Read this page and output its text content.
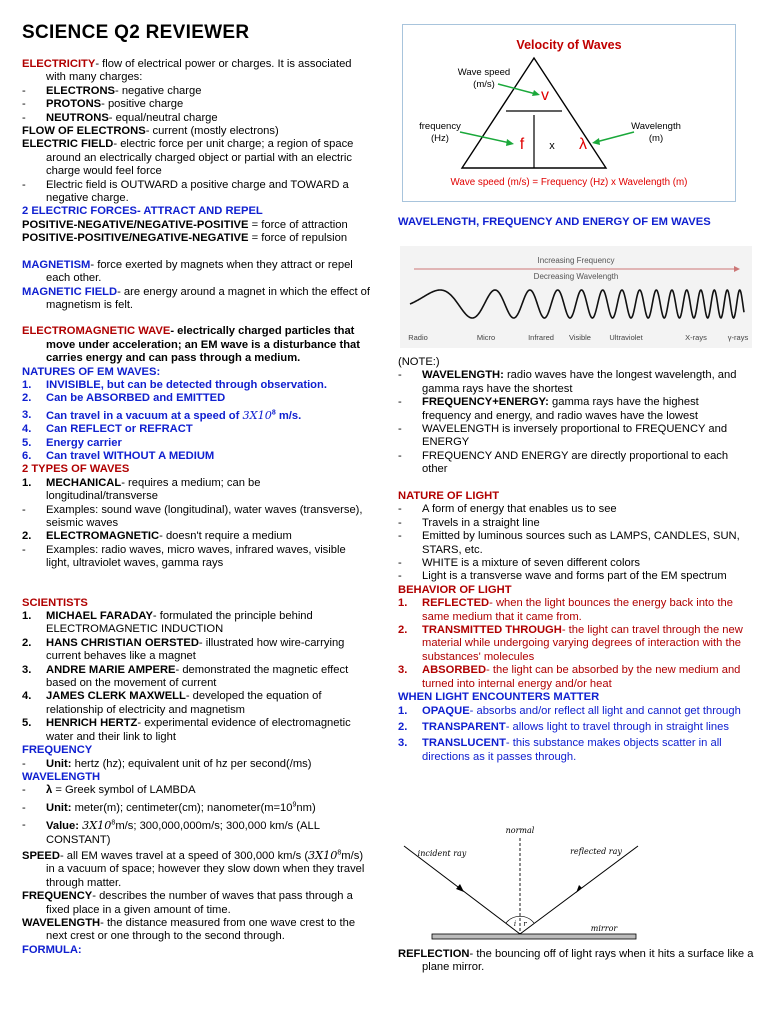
SCIENCE Q2 REVIEWER
ELECTRICITY- flow of electrical power or charges. It is associated with many charges:
- ELECTRONS- negative charge
- PROTONS- positive charge
- NEUTRONS- equal/neutral charge
FLOW OF ELECTRONS- current (mostly electrons)
ELECTRIC FIELD- electric force per unit charge; a region of space around an electrically charged object or partial with an electric charge would feel force
- Electric field is OUTWARD a positive charge and TOWARD a negative charge.
2 ELECTRIC FORCES- ATTRACT AND REPEL
POSITIVE-NEGATIVE/NEGATIVE-POSITIVE = force of attraction
POSITIVE-POSITIVE/NEGATIVE-NEGATIVE = force of repulsion
MAGNETISM- force exerted by magnets when they attract or repel each other.
MAGNETIC FIELD- are energy around a magnet in which the effect of magnetism is felt.
ELECTROMAGNETIC WAVE- electrically charged particles that move under acceleration; an EM wave is a disturbance that carries energy and can pass through a medium.
NATURES OF EM WAVES:
1. INVISIBLE, but can be detected through observation.
2. Can be ABSORBED and EMITTED
3. Can travel in a vacuum at a speed of $3X10^8$ m/s.
4. Can REFLECT or REFRACT
5. Energy carrier
6. Can travel WITHOUT A MEDIUM
2 TYPES OF WAVES
1. MECHANICAL- requires a medium; can be longitudinal/transverse
- Examples: sound wave (longitudinal), water waves (transverse), seismic waves
2. ELECTROMAGNETIC- doesn't require a medium
- Examples: radio waves, micro waves, infrared waves, visible light, ultraviolet waves, gamma rays
SCIENTISTS
1. MICHAEL FARADAY- formulated the principle behind ELECTROMAGNETIC INDUCTION
2. HANS CHRISTIAN OERSTED- illustrated how wire-carrying current behaves like a magnet
3. ANDRE MARIE AMPERE- demonstrated the magnetic effect based on the movement of current
4. JAMES CLERK MAXWELL- developed the equation of relationship of electricity and magnetism
5. HENRICH HERTZ- experimental evidence of electromagnetic water and their link to light
FREQUENCY
- Unit: hertz (hz); equivalent unit of hz per second(/ms)
WAVELENGTH
- λ = Greek symbol of LAMBDA
- Unit: meter(m); centimeter(cm); $nanometer(m=10^9nm)$
- Value: $3X10^8m/s$; 300,000,000m/s; 300,000 km/s (ALL CONSTANT)
SPEED- all EM waves travel at a speed of 300,000 km/s $(3X10^8m/s)$ in a vacuum of space; however they slow down when they travel through matter.
FREQUENCY- describes the number of waves that pass through a fixed place in a given amount of time.
WAVELENGTH- the distance measured from one wave crest to the next crest or one through to the second through.
FORMULA:
Velocity of Waves
v
f x λ
Wave speed
(m/s)
frequency
(Hz)
Wavelength
(m)
Wave speed (m/s) = Frequency (Hz) x Wavelength (m)
WAVELENGTH, FREQUENCY AND ENERGY OF EM WAVES
Increasing Frequency
Decreasing Wavelength
Radio	Micro	Infrared Visible Ultraviolet	X-rays	γ-rays
(NOTE:)
- WAVELENGTH: radio waves have the longest wavelength, and gamma rays have the shortest
- FREQUENCY+ENERGY: gamma rays have the highest frequency and energy, and radio waves have the lowest
- WAVELENGTH is inversely proportional to FREQUENCY and ENERGY
- FREQUENCY AND ENERGY are directly proportional to each other
NATURE OF LIGHT
- A form of energy that enables us to see
- Travels in a straight line
- Emitted by luminous sources such as LAMPS, CANDLES, SUN, STARS, etc.
- WHITE is a mixture of seven different colors
- Light is a transverse wave and forms part of the EM spectrum
BEHAVIOR OF LIGHT
1. REFLECTED- when the light bounces the energy back into the same medium that it came from.
2. TRANSMITTED THROUGH- the light can travel through the new material while undergoing varying degrees of interaction with the substances' molecules
3. ABSORBED- the light can be absorbed by the new medium and turned into internal energy and/or heat
WHEN LIGHT ENCOUNTERS MATTER
1. OPAQUE- absorbs and/or reflect all light and cannot get through
2. TRANSPARENT- allows light to travel through in straight lines
3. TRANSLUCENT- this substance makes objects scatter in all directions as it passes through.
normal
incident ray	reflected ray
i r	mirror
REFLECTION- the bouncing off of light rays when it hits a surface like a plane mirror.
